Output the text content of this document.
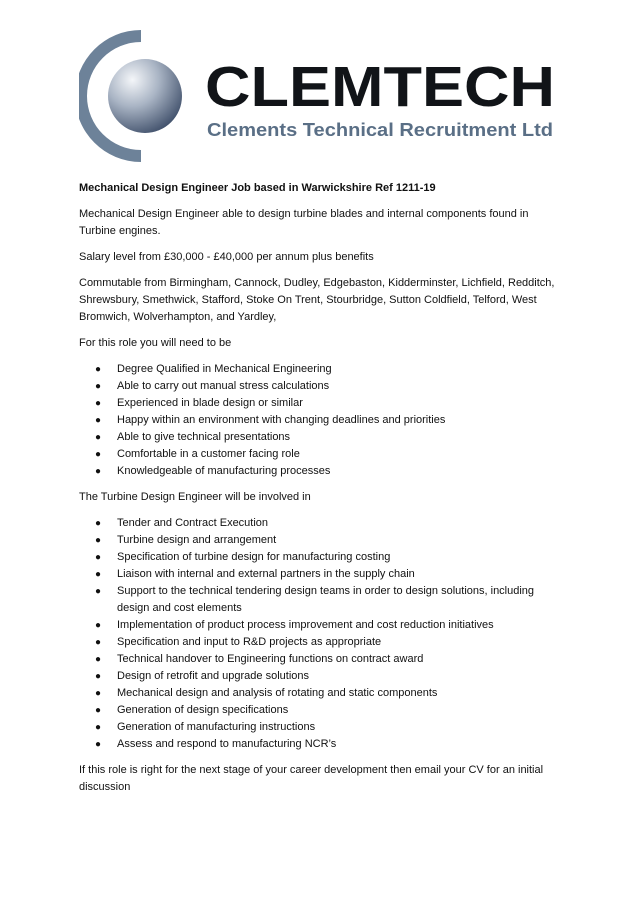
CLEMTECH
Clements Technical Recruitment Ltd

Mechanical Design Engineer Job based in Warwickshire Ref 1211-19

Mechanical Design Engineer able to design turbine blades and internal components found in Turbine engines.

Salary level from £30,000 - £40,000 per annum plus benefits

Commutable from Birmingham, Cannock, Dudley, Edgebaston, Kidderminster, Lichfield, Redditch, Shrewsbury, Smethwick, Stafford, Stoke On Trent, Stourbridge, Sutton Coldfield, Telford, West Bromwich, Wolverhampton, and Yardley,

For this role you will need to be

● Degree Qualified in Mechanical Engineering
● Able to carry out manual stress calculations
● Experienced in blade design or similar
● Happy within an environment with changing deadlines and priorities
● Able to give technical presentations
● Comfortable in a customer facing role
● Knowledgeable of manufacturing processes

The Turbine Design Engineer will be involved in

● Tender and Contract Execution
● Turbine design and arrangement
● Specification of turbine design for manufacturing costing
● Liaison with internal and external partners in the supply chain
● Support to the technical tendering design teams in order to design solutions, including design and cost elements
● Implementation of product process improvement and cost reduction initiatives
● Specification and input to R&D projects as appropriate
● Technical handover to Engineering functions on contract award
● Design of retrofit and upgrade solutions
● Mechanical design and analysis of rotating and static components
● Generation of design specifications
● Generation of manufacturing instructions
● Assess and respond to manufacturing NCR’s

If this role is right for the next stage of your career development then email your CV for an initial discussion
